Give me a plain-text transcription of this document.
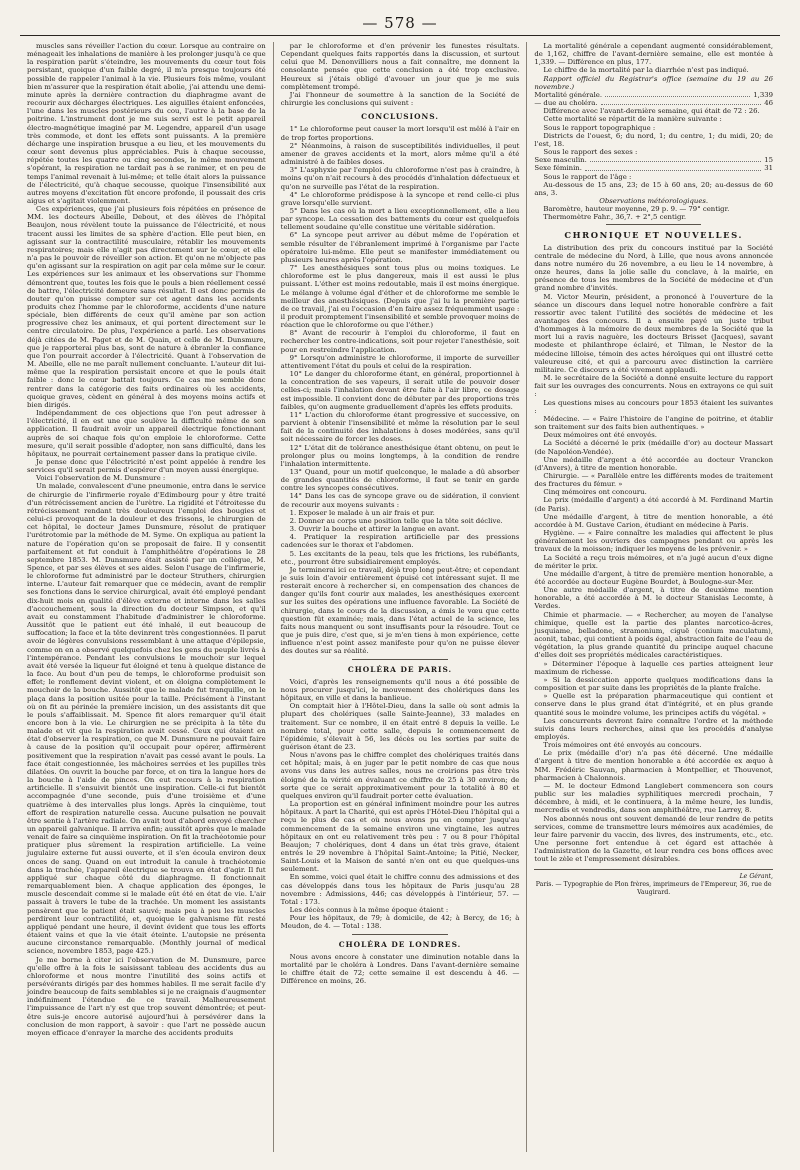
— 578 —

muscles sans réveiller l'action du cœur. Lorsque au contraire on ménageait les inhalations de manière à les prolonger jusqu'à ce que la respiration parût s'éteindre, les mouvements du cœur tout fois persistant, quoique d'un faible degré, il m'a presque toujours été possible de rappeler l'animal à la vie. Plusieurs fois même, voulant bien m'assurer que la respiration était abolie, j'ai attendu une demi-minute après la dernière contraction du diaphragme avant de recourir aux décharges électriques. Les aiguilles étaient enfoncées, l'une dans les muscles postérieurs du cou, l'autre à la base de la poitrine. L'instrument dont je me suis servi est le petit appareil électro-magnétique imaginé par M. Legendre, appareil d'un usage très commode, et dont les effets sont puissants. A la première décharge une inspiration brusque a eu lieu, et les mouvements du cœur sont devenus plus appréciables. Puis à chaque secousse, répétée toutes les quatre ou cinq secondes, le même mouvement s'opérant, la respiration ne tardait pas à se ranimer, et en peu de temps l'animal revenait à lui-même; et telle était alors la puissance de l'électricité, qu'à chaque secousse, quoique l'insensibilité aux autres moyens d'excitation fût encore profonde, il poussait des cris aigus et s'agitait violemment.

Ces expériences, que j'ai plusieurs fois répétées en présence de MM. les docteurs Abeille, Debout, et des élèves de l'hôpital Beaujon, nous révèlent toute la puissance de l'électricité, et nous tracent aussi les limites de sa sphère d'action. Elle peut bien, en agissant sur la contractilité musculaire, rétablir les mouvements respiratoires; mais elle n'agit pas directement sur le cœur, et elle n'a pas le pouvoir de réveiller son action. Et qu'on ne m'objecte pas qu'en agissant sur la respiration on agit par cela même sur le cœur. Les expériences sur les animaux et les observations sur l'homme démontrent que, toutes les fois que le pouls a bien réellement cessé de battre, l'électricité demeure sans résultat. Il est donc permis de douter qu'on puisse compter sur cet agent dans les accidents produits chez l'homme par le chloroforme, accidents d'une nature spéciale, bien différents de ceux qu'il amène par son action progressive chez les animaux, et qui portent directement sur le centre circulatoire. De plus, l'expérience a parlé. Les observations déjà citées de M. Paget et de M. Quain, et celle de M. Dunsmure, que je rapporterai plus bas, sont de nature à ébranler la confiance que l'on pourrait accorder à l'électricité. Quant à l'observation de M. Abeille, elle ne me paraît nullement concluante. L'auteur dit lui-même que la respiration persistait encore et que le pouls était faible : donc le cœur battait toujours. Ce cas me semble donc rentrer dans la catégorie des faits ordinaires où les accidents, quoique graves, cèdent en général à des moyens moins actifs et bien dirigés.

Indépendamment de ces objections que l'on peut adresser à l'électricité, il en est une que soulève la difficulté même de son application. Il faudrait avoir un appareil électrique fonctionnant auprès de soi chaque fois qu'on emploie le chloroforme. Cette mesure, qu'il serait possible d'adopter, non sans difficulté, dans les hôpitaux, ne pourrait certainement passer dans la pratique civile.

Je pense donc que l'électricité n'est point appelée à rendre les services qu'il serait permis d'espérer d'un moyen aussi énergique.

Voici l'observation de M. Dunsmure :

Un malade, convalescent d'une pneumonie, entra dans le service de chirurgie de l'infirmerie royale d'Edimbourg pour y être traité d'un rétrécissement ancien de l'urètre. La rigidité et l'étroitesse du rétrécissement rendant très douloureux l'emploi des bougies et celui-ci provoquant de la douleur et des frissons, le chirurgien de cet hôpital, le docteur James Dunsmure, résolut de pratiquer l'urétrotomie par la méthode de M. Syme. On expliqua au patient la nature de l'opération qu'on se proposait de faire. Il y consentit parfaitement et fut conduit à l'amphithéâtre d'opérations le 28 septembre 1853. M. Dunsmure était assisté par un collègue, M. Spence, et par ses élèves et ses aides. Selon l'usage de l'infirmerie, le chloroforme fut administré par le docteur Struthers, chirurgien interne. L'auteur fait remarquer que ce médecin, avant de remplir ses fonctions dans le service chirurgical, avait été employé pendant dix-huit mois en qualité d'élève externe et interne dans les salles d'accouchement, sous la direction du docteur Simpson, et qu'il avait eu constamment l'habitude d'administrer le chloroforme. Aussitôt que le patient eut été inhalé, il eut beaucoup de suffocation; la face et la tête devinrent très congestionnées. Il parut avoir de légères convulsions ressemblant à une attaque d'épilepsie, comme on en a observé quelquefois chez les gens du peuple livrés à l'intempérance. Pendant les convulsions le mouchoir sur lequel avait été versée la liqueur fut éloigné et tenu à quelque distance de la face. Au bout d'un peu de temps, le chloroforme produisit son effet; le ronflement devint violent, et on éloigna complètement le mouchoir de la bouche. Aussitôt que le malade fut tranquille, on le plaça dans la position usitée pour la taille. Précisément à l'instant où on fit au périnée la première incision, un des assistants dit que le pouls s'affaiblissait. M. Spence fit alors remarquer qu'il était encore bon à la vie. Le chirurgien ne se précipita à la tête du malade et vit que la respiration avait cessé. Ceux qui étaient en état d'observer la respiration, ce que M. Dunsmure ne pouvait faire à cause de la position qu'il occupait pour opérer, affirmèrent positivement que la respiration n'avait pas cessé avant le pouls. La face était congestionnée, les mâchoires serrées et les pupilles très dilatées. On ouvrit la bouche par force, et on tira la langue hors de la bouche à l'aide de pinces. On eut recours à la respiration artificielle. Il s'ensuivit bientôt une inspiration. Celle-ci fut bientôt accompagnée d'une seconde, puis d'une troisième et d'une quatrième à des intervalles plus longs. Après la cinquième, tout effort de respiration naturelle cessa. Aucune pulsation ne pouvait être sentie à l'artère radiale. On avait tout d'abord envoyé chercher un appareil galvanique. Il arriva enfin; aussitôt après que le malade venait de faire sa cinquième inspiration. On fit la trachéotomie pour pratiquer plus sûrement la respiration artificielle. La veine jugulaire externe fut aussi ouverte, et il s'en écoula environ deux onces de sang. Quand on eut introduit la canule à trachéotomie dans la trachée, l'appareil électrique se trouva en état d'agir. Il fut appliqué sur chaque côté du diaphragme. Il fonctionnait remarquablement bien. A chaque application des éponges, le muscle descendait comme si le malade eût été en état de vie. L'air passait à travers le tube de la trachée. Un moment les assistants pensèrent que le patient était sauvé; mais peu à peu les muscles perdirent leur contractilité, et, quoique le galvanisme fût resté appliqué pendant une heure, il devint évident que tous les efforts étaient vains et que la vie était éteinte. L'autopsie ne présenta aucune circonstance remarquable. (Monthly journal of medical science, novembre 1853, page 425.)

Je me borne à citer ici l'observation de M. Dunsmure, parce qu'elle offre à la fois le saisissant tableau des accidents dus au chloroforme et nous montre l'inutilité des soins actifs et persévérants dirigés par des hommes habiles. Il me serait facile d'y joindre beaucoup de faits semblables si je ne craignais d'augmenter indéfiniment l'étendue de ce travail. Malheureusement l'impuissance de l'art n'y est que trop souvent démontrée; et peut-être suis-je encore autorisé aujourd'hui à persévérer dans la conclusion de mon rapport, à savoir : que l'art ne possède aucun moyen efficace d'enrayer la marche des accidents produits

par le chloroforme et d'en prévenir les funestes résultats. Cependant quelques faits rapportés dans la discussion, et surtout celui que M. Denonvilliers nous a fait connaître, me donnent la consolante pensée que cette conclusion a été trop exclusive. Heureux si j'étais obligé d'avouer un jour que je me suis complètement trompé.

J'ai l'honneur de soumettre à la sanction de la Société de chirurgie les conclusions qui suivent :

CONCLUSIONS.

1° Le chloroforme peut causer la mort lorsqu'il est mêlé à l'air en de trop fortes proportions.

2° Néanmoins, à raison de susceptibilités individuelles, il peut amener de graves accidents et la mort, alors même qu'il a été administré à de faibles doses.

3° L'asphyxie par l'emploi du chloroforme n'est pas à craindre, à moins qu'on n'ait recours à des procédés d'inhalation défectueux et qu'on ne surveille pas l'état de la respiration.

4° Le chloroforme prédispose à la syncope et rend celle-ci plus grave lorsqu'elle survient.

5° Dans les cas où la mort a lieu exceptionnellement, elle a lieu par syncope. La cessation des battements du cœur est quelquefois tellement soudaine qu'elle constitue une véritable sidération.

6° La syncope peut arriver au début même de l'opération et semble résulter de l'ébranlement imprimé à l'organisme par l'acte opératoire lui-même. Elle peut se manifester immédiatement ou plusieurs heures après l'opération.

7° Les anesthésiques sont tous plus ou moins toxiques. Le chloroforme est le plus dangereux, mais il est aussi le plus puissant. L'éther est moins redoutable, mais il est moins énergique. Le mélange à volume égal d'éther et de chloroforme me semble le meilleur des anesthésiques. (Depuis que j'ai lu la première partie de ce travail, j'ai eu l'occasion d'en faire assez fréquemment usage : il produit promptement l'insensibilité et semble provoquer moins de réaction que le chloroforme ou que l'éther.)

8° Avant de recourir à l'emploi du chloroforme, il faut en rechercher les contre-indications, soit pour rejeter l'anesthésie, soit pour en restreindre l'application.

9° Lorsqu'on administre le chloroforme, il importe de surveiller attentivement l'état du pouls et celui de la respiration.

10° Le danger du chloroforme étant, en général, proportionnel à la concentration de ses vapeurs, il serait utile de pouvoir doser celles-ci; mais l'inhalation devant être faite à l'air libre, ce dosage est impossible. Il convient donc de débuter par des proportions très faibles, qu'on augmente graduellement d'après les effets produits.

11° L'action du chloroforme étant progressive et successive, on parvient à obtenir l'insensibilité et même la résolution par le seul fait de la continuité des inhalations à doses modérées, sans qu'il soit nécessaire de forcer les doses.

12° L'état dit de tolérance anesthésique étant obtenu, on peut le prolonger plus ou moins longtemps, à la condition de rendre l'inhalation intermittente.

13° Quand, pour un motif quelconque, le malade a dû absorber de grandes quantités de chloroforme, il faut se tenir en garde contre les syncopes consécutives.

14° Dans les cas de syncope grave ou de sidération, il convient de recourir aux moyens suivants :

1. Exposer le malade à un air frais et pur.

2. Donner au corps une position telle que la tête soit déclive.

3. Ouvrir la bouche et attirer la langue en avant.

4. Pratiquer la respiration artificielle par des pressions cadencées sur le thorax et l'abdomen.

5. Les excitants de la peau, tels que les frictions, les rubéfiants, etc., pourront être subsidiairement employés.

Je terminerai ici ce travail, déjà trop long peut-être; et cependant je suis loin d'avoir entièrement épuisé cet intéressant sujet. Il me resterait encore à rechercher si, en compensation des chances de danger qu'ils font courir aux malades, les anesthésiques exercent sur les suites des opérations une influence favorable. La Société de chirurgie, dans le cours de la discussion, a émis le vœu que cette question fût examinée; mais, dans l'état actuel de la science, les faits nous manquent ou sont insuffisants pour la résoudre. Tout ce que je puis dire, c'est que, si je m'en tiens à mon expérience, cette influence n'est point assez manifeste pour qu'on ne puisse élever des doutes sur sa réalité.

CHOLÉRA DE PARIS.

Voici, d'après les renseignements qu'il nous a été possible de nous procurer jusqu'ici, le mouvement des cholériques dans les hôpitaux, en ville et dans la banlieue.

On comptait hier à l'Hôtel-Dieu, dans la salle où sont admis la plupart des cholériques (salle Sainte-Jeanne), 33 malades en traitement. Sur ce nombre, il en était entré 8 depuis la veille. Le nombre total, pour cette salle, depuis le commencement de l'épidémie, s'élevait à 56, les décès ou les sorties par suite de guérison étant de 23.

Nous n'avons pas le chiffre complet des cholériques traités dans cet hôpital; mais, à en juger par le petit nombre de cas que nous avons vus dans les autres salles, nous ne croirions pas être très éloigné de la vérité en évaluant ce chiffre de 25 à 30 environ; de sorte que ce serait approximativement pour la totalité à 80 et quelques environ qu'il faudrait porter cette évaluation.

La proportion est en général infiniment moindre pour les autres hôpitaux. A part la Charité, qui est après l'Hôtel-Dieu l'hôpital qui a reçu le plus de cas et où nous avons pu en compter jusqu'au commencement de la semaine environ une vingtaine, les autres hôpitaux en ont eu relativement très peu : 7 ou 8 pour l'hôpital Beaujon; 7 cholériques, dont 4 dans un état très grave, étaient entrés le 29 novembre à l'hôpital Saint-Antoine; la Pitié, Necker, Saint-Louis et la Maison de santé n'en ont eu que quelques-uns seulement.

En somme, voici quel était le chiffre connu des admissions et des cas développés dans tous les hôpitaux de Paris jusqu'au 28 novembre : Admissions, 446; cas développés à l'intérieur, 57. — Total : 173.

Les décès connus à la même époque étaient :

Pour les hôpitaux, de 79; à domicile, de 42; à Bercy, de 16; à Meudon, de 4. — Total : 138.

CHOLÉRA DE LONDRES.

Nous avons encore à constater une diminution notable dans la mortalité par le choléra à Londres. Dans l'avant-dernière semaine le chiffre était de 72; cette semaine il est descendu à 46. — Différence en moins, 26.

La mortalité générale a cependant augmenté considérablement, de 1,162, chiffre de l'avant-dernière semaine, elle est montée à 1,339. — Différence en plus, 177.

Le chiffre de la mortalité par la diarrhée n'est pas indiqué.

Rapport officiel du Registrar's office (semaine du 19 au 26 novembre.)

Mortalité générale.	1,339
— due au choléra.	46

Différence avec l'avant-dernière semaine, qui était de 72 : 26.

Cette mortalité se répartit de la manière suivante :

Sous le rapport topographique :

Districts de l'ouest, 6; du nord, 1; du centre, 1; du midi, 20; de l'est, 18.

Sous le rapport des sexes :

Sexe masculin.	15
Sexe féminin.	31

Sous le rapport de l'âge :

Au-dessous de 15 ans, 23; de 15 à 60 ans, 20; au-dessus de 60 ans, 3.

Observations météorologiques.

Baromètre, hauteur moyenne, 29 p. 9. — 79° centigr.

Thermomètre Fahr., 36,7. + 2°,5 centigr.

CHRONIQUE ET NOUVELLES.

La distribution des prix du concours institué par la Société centrale de médecine du Nord, à Lille, que nous avons annoncée dans notre numéro du 26 novembre, a eu lieu le 14 novembre, à onze heures, dans la jolie salle du conclave, à la mairie, en présence de tous les membres de la Société de médecine et d'un grand nombre d'invités.

M. Victor Meurin, président, a prononcé à l'ouverture de la séance un discours dans lequel notre honorable confrère a fait ressortir avec talent l'utilité des sociétés de médecine et les avantages des concours. Il a ensuite payé un juste tribut d'hommages à la mémoire de deux membres de la Société que la mort lui a ravis naguère, les docteurs Brisset (Jacques), savant modeste et philanthrope éclairé, et Tilman, le Nestor de la médecine lilloise, témoin des actes héroïques qui ont illustré cette valeureuse cité, et qui a parcouru avec distinction la carrière militaire. Ce discours a été vivement applaudi.

M. le secrétaire de la Société a donné ensuite lecture du rapport fait sur les ouvrages des concurrents. Nous en extrayons ce qui suit :

Les questions mises au concours pour 1853 étaient les suivantes :

Médecine. — « Faire l'histoire de l'angine de poitrine, et établir son traitement sur des faits bien authentiques. »

Deux mémoires ont été envoyés.

La Société a décerné le prix (médaille d'or) au docteur Massart (de Napoléon-Vendée).

Une médaille d'argent a été accordée au docteur Vranckon (d'Anvers), à titre de mention honorable.

Chirurgie. — « Parallèle entre les différents modes de traitement des fractures du fémur. »

Cinq mémoires ont concouru.

Le prix (médaille d'argent) a été accordé à M. Ferdinand Martin (de Paris).

Une médaille d'argent, à titre de mention honorable, a été accordée à M. Gustave Carion, étudiant en médecine à Paris.

Hygiène. — « Faire connaître les maladies qui affectent le plus généralement les ouvriers des campagnes pendant ou après les travaux de la moisson; indiquer les moyens de les prévenir. »

La Société a reçu trois mémoires, et n'a jugé aucun d'eux digne de mériter le prix.

Une médaille d'argent, à titre de première mention honorable, a été accordée au docteur Eugène Bourdet, à Boulogne-sur-Mer.

Une autre médaille d'argent, à titre de deuxième mention honorable, a été accordée à M. le docteur Stanislas Lecomte, à Verdes.

Chimie et pharmacie. — « Rechercher, au moyen de l'analyse chimique, quelle est la partie des plantes narcotico-âcres, jusquiame, belladone, stramonium, ciguë (conium maculatum), aconit, tabac, qui contient à poids égal, abstraction faite de l'eau de végétation, la plus grande quantité du principe auquel chacune d'elles doit ses propriétés médicales caractéristiques.

» Déterminer l'époque à laquelle ces parties atteignent leur maximum de richesse.

» Si la dessiccation apporte quelques modifications dans la composition et par suite dans les propriétés de la plante fraîche.

» Quelle est la préparation pharmaceutique qui contient et conserve dans le plus grand état d'intégrité, et en plus grande quantité sous le moindre volume, les principes actifs du végétal. »

Les concurrents devront faire connaître l'ordre et la méthode suivis dans leurs recherches, ainsi que les procédés d'analyse employés.

Trois mémoires ont été envoyés au concours.

Le prix (médaille d'or) n'a pas été décerné. Une médaille d'argent à titre de mention honorable a été accordée ex æquo à MM. Frédéric Sauvan, pharmacien à Montpellier, et Thouvenot, pharmacien à Chalonnois.

— M. le docteur Edmond Langlebert commencera son cours public sur les maladies syphilitiques mercredi prochain, 7 décembre, à midi, et le continuera, à la même heure, les lundis, mercredis et vendredis, dans son amphithéâtre, rue Larrey, 8.

Nos abonnés nous ont souvent demandé de leur rendre de petits services, comme de transmettre leurs mémoires aux académies, de leur faire parvenir du vaccin, des livres, des instruments, etc., etc. Une personne fort entendue à cet égard est attachée à l'administration de la Gazette, et leur rendra ces bons offices avec tout le zèle et l'empressement désirables.

Le Gérant,
Paris. — Typographie de Plon frères, imprimeurs de l'Empereur, 36, rue de Vaugirard.
